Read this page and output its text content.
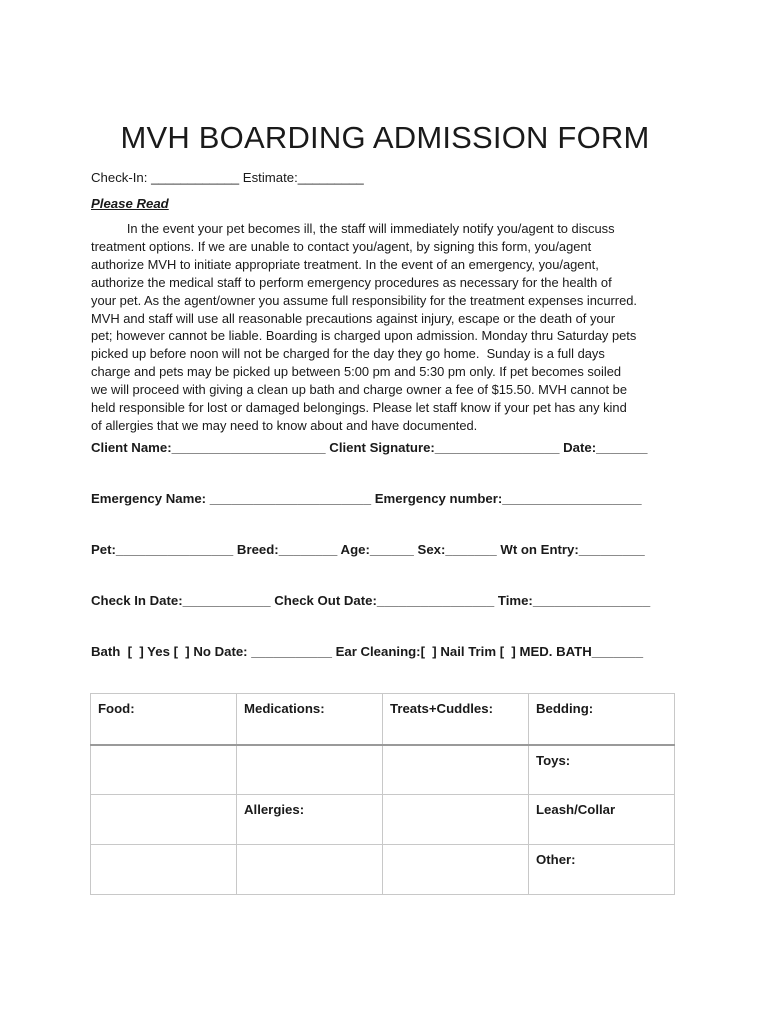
MVH BOARDING ADMISSION FORM
Check-In: ____________ Estimate:_________
Please Read
In the event your pet becomes ill, the staff will immediately notify you/agent to discuss
treatment options. If we are unable to contact you/agent, by signing this form, you/agent
authorize MVH to initiate appropriate treatment. In the event of an emergency, you/agent,
authorize the medical staff to perform emergency procedures as necessary for the health of
your pet. As the agent/owner you assume full responsibility for the treatment expenses incurred.
MVH and staff will use all reasonable precautions against injury, escape or the death of your
pet; however cannot be liable. Boarding is charged upon admission. Monday thru Saturday pets
picked up before noon will not be charged for the day they go home.  Sunday is a full days
charge and pets may be picked up between 5:00 pm and 5:30 pm only. If pet becomes soiled
we will proceed with giving a clean up bath and charge owner a fee of $15.50. MVH cannot be
held responsible for lost or damaged belongings. Please let staff know if your pet has any kind
of allergies that we may need to know about and have documented.
Client Name:_____________________ Client Signature:_________________ Date:_______
Emergency Name: ______________________ Emergency number:___________________
Pet:________________ Breed:________ Age:______ Sex:_______ Wt on Entry:_________
Check In Date:____________ Check Out Date:________________ Time:________________
Bath  [  ] Yes [  ] No Date: ___________ Ear Cleaning:[  ] Nail Trim [  ] MED. BATH_______
Food:	Medications:	Treats+Cuddles:	Bedding:
			Toys:
	Allergies:		Leash/Collar
			Other:
